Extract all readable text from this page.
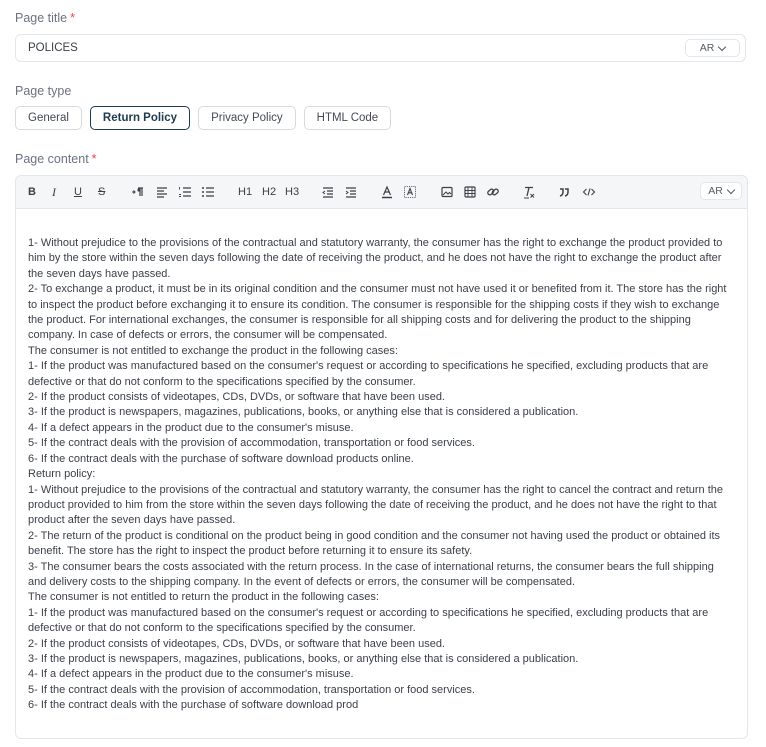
Page title *
POLICES	AR
Page type
General	Return Policy	Privacy Policy	HTML Code
Page content *
B I U S	H1 H2 H3	AR

1- Without prejudice to the provisions of the contractual and statutory warranty, the consumer has the right to exchange the product provided to him by the store within the seven days following the date of receiving the product, and he does not have the right to exchange the product after the seven days have passed.

2- To exchange a product, it must be in its original condition and the consumer must not have used it or benefited from it. The store has the right to inspect the product before exchanging it to ensure its condition. The consumer is responsible for the shipping costs if they wish to exchange the product. For international exchanges, the consumer is responsible for all shipping costs and for delivering the product to the shipping company. In case of defects or errors, the consumer will be compensated.

The consumer is not entitled to exchange the product in the following cases:

1- If the product was manufactured based on the consumer's request or according to specifications he specified, excluding products that are defective or that do not conform to the specifications specified by the consumer.

2- If the product consists of videotapes, CDs, DVDs, or software that have been used.

3- If the product is newspapers, magazines, publications, books, or anything else that is considered a publication.

4- If a defect appears in the product due to the consumer's misuse.

5- If the contract deals with the provision of accommodation, transportation or food services.

6- If the contract deals with the purchase of software download products online.

Return policy:

1- Without prejudice to the provisions of the contractual and statutory warranty, the consumer has the right to cancel the contract and return the product provided to him from the store within the seven days following the date of receiving the product, and he does not have the right to that product after the seven days have passed.

2- The return of the product is conditional on the product being in good condition and the consumer not having used the product or obtained its benefit. The store has the right to inspect the product before returning it to ensure its safety.

3- The consumer bears the costs associated with the return process. In the case of international returns, the consumer bears the full shipping and delivery costs to the shipping company. In the event of defects or errors, the consumer will be compensated.

The consumer is not entitled to return the product in the following cases:

1- If the product was manufactured based on the consumer's request or according to specifications he specified, excluding products that are defective or that do not conform to the specifications specified by the consumer.

2- If the product consists of videotapes, CDs, DVDs, or software that have been used.

3- If the product is newspapers, magazines, publications, books, or anything else that is considered a publication.

4- If a defect appears in the product due to the consumer's misuse.

5- If the contract deals with the provision of accommodation, transportation or food services.

6- If the contract deals with the purchase of software download prod
